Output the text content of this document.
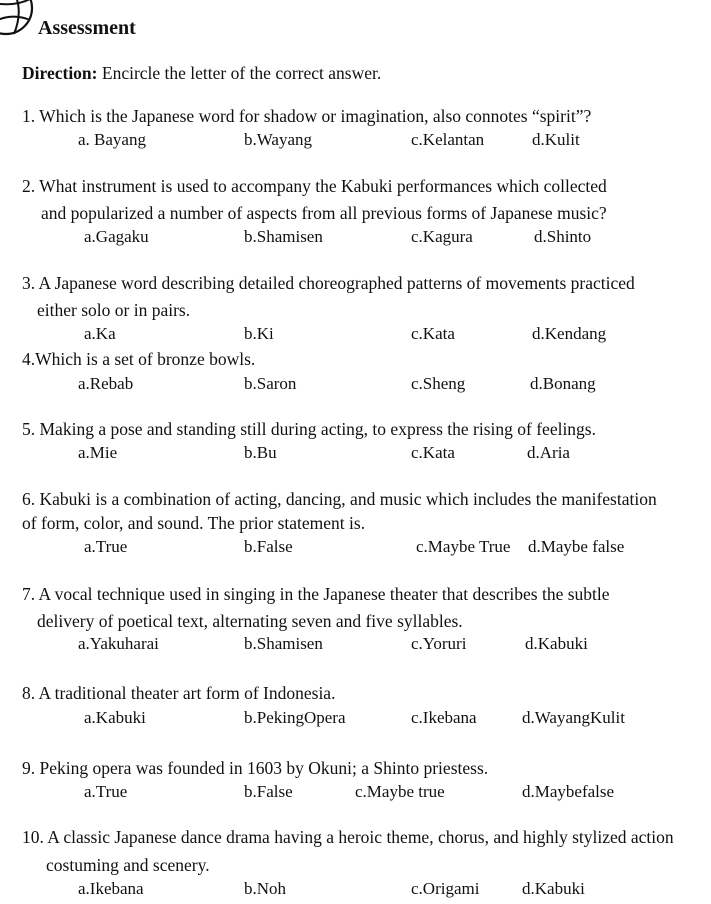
Assessment
Direction: Encircle the letter of the correct answer.
1. Which is the Japanese word for shadow or imagination, also connotes “spirit”?
a. Bayang	b.Wayang	c.Kelantan	d.Kulit
2. What instrument is used to accompany the Kabuki performances which collected
and popularized a number of aspects from all previous forms of Japanese music?
a.Gagaku	b.Shamisen	c.Kagura	d.Shinto
3. A Japanese word describing detailed choreographed patterns of movements practiced
either solo or in pairs.
a.Ka	b.Ki	c.Kata	d.Kendang
4.Which is a set of bronze bowls.
a.Rebab	b.Saron	c.Sheng	d.Bonang
5. Making a pose and standing still during acting, to express the rising of feelings.
a.Mie	b.Bu	c.Kata	d.Aria
6. Kabuki is a combination of acting, dancing, and music which includes the manifestation
of form, color, and sound. The prior statement is.
a.True	b.False	c.Maybe True d.Maybe false
7. A vocal technique used in singing in the Japanese theater that describes the subtle
delivery of poetical text, alternating seven and five syllables.
a.Yakuharai	b.Shamisen	c.Yoruri	d.Kabuki
8. A traditional theater art form of Indonesia.
a.Kabuki	b.PekingOpera	c.Ikebana	d.WayangKulit
9. Peking opera was founded in 1603 by Okuni; a Shinto priestess.
a.True	b.False	c.Maybe true	d.Maybefalse
10. A classic Japanese dance drama having a heroic theme, chorus, and highly stylized action
costuming and scenery.
a.Ikebana	b.Noh	c.Origami	d.Kabuki
